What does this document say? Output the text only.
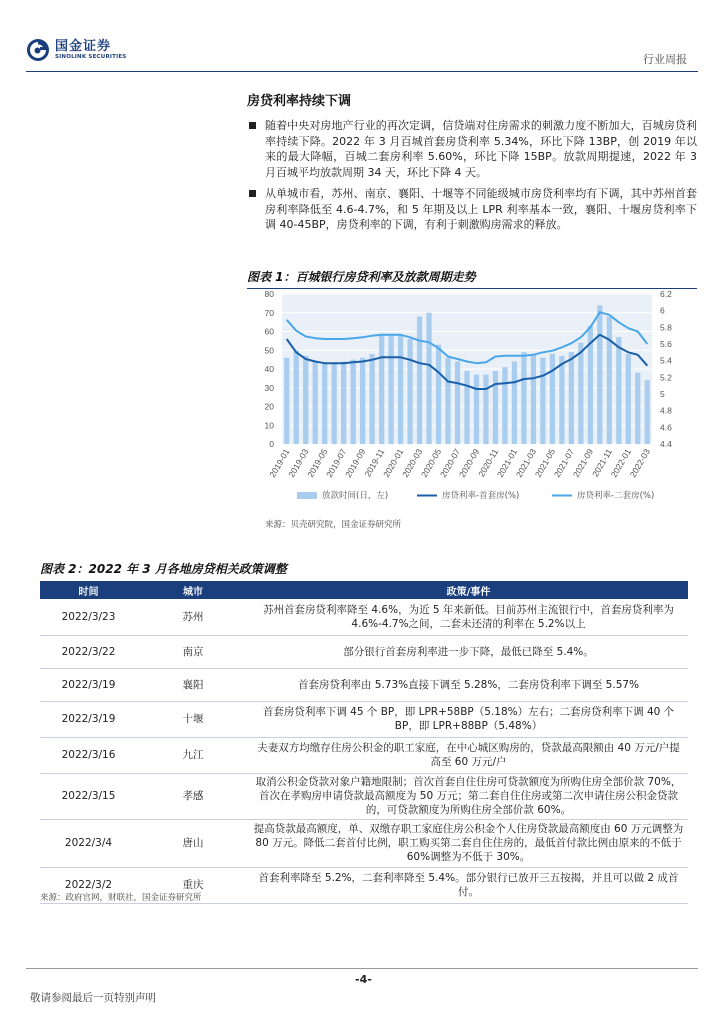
国金证券
SINOLINK SECURITIES	行业周报
房贷利率持续下调
随着中央对房地产行业的再次定调，信贷端对住房需求的刺激力度不断加大，百城房贷利率持续下降。2022 年 3 月百城首套房贷利率 5.34%，环比下降 13BP，创 2019 年以来的最大降幅，百城二套房利率 5.60%，环比下降 15BP。放款周期提速，2022 年 3 月百城平均放款周期 34 天，环比下降 4 天。
从单城市看，苏州、南京、襄阳、十堰等不同能级城市房贷利率均有下调，其中苏州首套房利率降低至 4.6-4.7%，和 5 年期及以上 LPR 利率基本一致，襄阳、十堰房贷利率下调 40-45BP，房贷利率的下调，有利于刺激购房需求的释放。
图表 1：百城银行房贷利率及放款周期走势
0
10
20
30
40
50
60
70
80
4.4
4.6
4.8
5
5.2
5.4
5.6
5.8
6
6.2
2019-01
2019-03
2019-05
2019-07
2019-09
2019-11
2020-01
2020-03
2020-05
2020-07
2020-09
2020-11
2021-01
2021-03
2021-05
2021-07
2021-09
2021-11
2022-01
2022-03
放款时间(日，左)	房贷利率-首套房(%)	房贷利率-二套房(%)
来源：贝壳研究院，国金证券研究所
图表 2：2022 年 3 月各地房贷相关政策调整
时间	城市	政策/事件
2022/3/23	苏州	苏州首套房贷利率降至 4.6%，为近 5 年来新低。目前苏州主流银行中，首套房贷利率为 4.6%-4.7%之间，二套未还清的利率在 5.2%以上
2022/3/22	南京	部分银行首套房利率进一步下降，最低已降至 5.4%。
2022/3/19	襄阳	首套房贷利率由 5.73%直接下调至 5.28%，二套房贷利率下调至 5.57%
2022/3/19	十堰	首套房贷利率下调 45 个 BP，即 LPR+58BP（5.18%）左右；二套房贷利率下调 40 个 BP，即 LPR+88BP（5.48%）
2022/3/16	九江	夫妻双方均缴存住房公积金的职工家庭，在中心城区购房的，贷款最高限额由 40 万元/户提高至 60 万元/户
2022/3/15	孝感	取消公积金贷款对象户籍地限制；首次首套自住住房可贷款额度为所购住房全部价款 70%，首次在孝购房申请贷款最高额度为 50 万元；第二套自住住房或第二次申请住房公积金贷款的，可贷款额度为所购住房全部价款 60%。
2022/3/4	唐山	提高贷款最高额度，单、双缴存职工家庭住房公积金个人住房贷款最高额度由 60 万元调整为 80 万元。降低二套首付比例，职工购买第二套自住住房的，最低首付款比例由原来的不低于 60%调整为不低于 30%。
2022/3/2	重庆	首套利率降至 5.2%，二套利率降至 5.4%。部分银行已放开三五按揭，并且可以做 2 成首付。
来源：政府官网，财联社，国金证券研究所
-4-
敬请参阅最后一页特别声明
